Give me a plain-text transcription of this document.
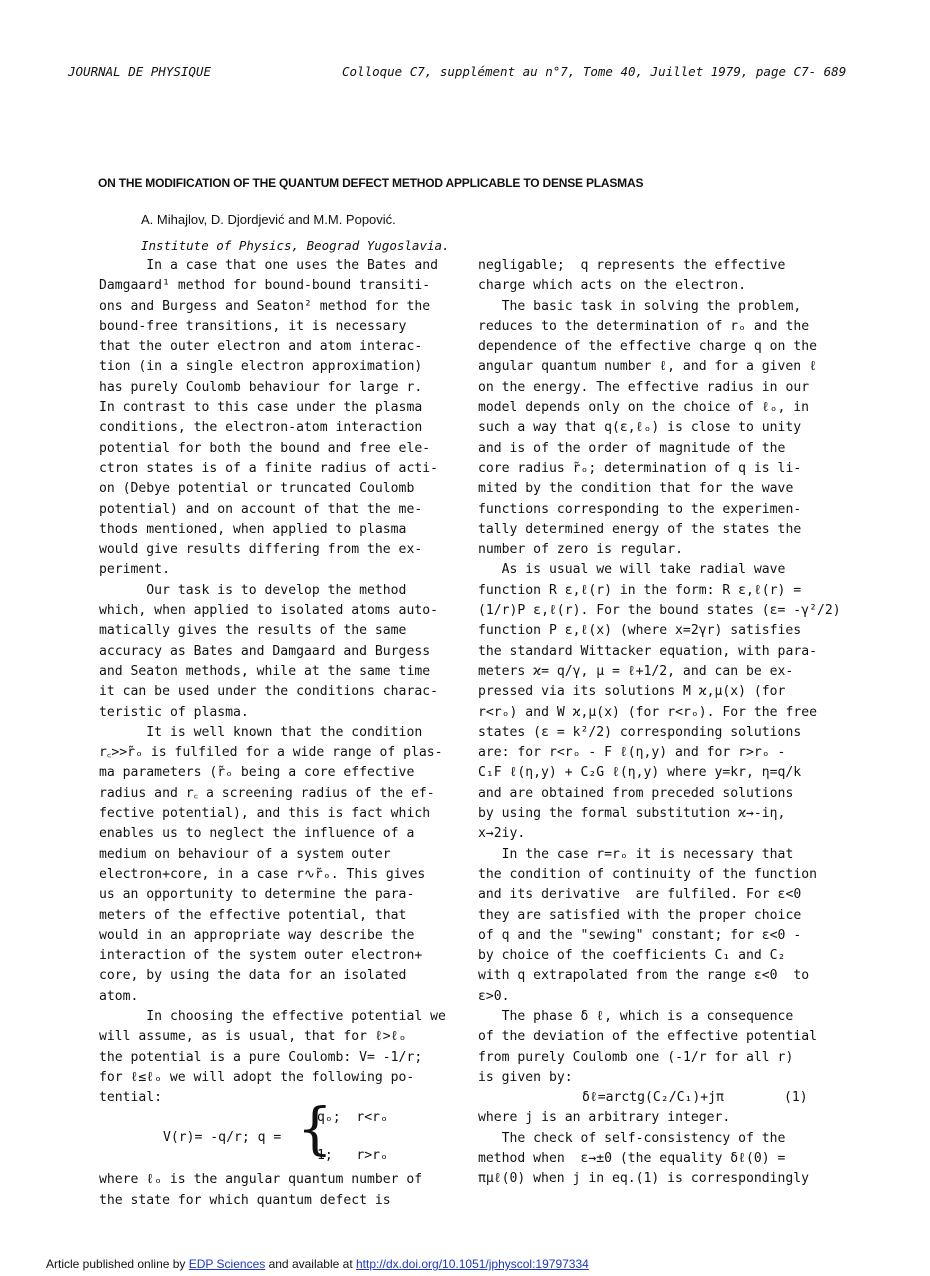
JOURNAL DE PHYSIQUE	Colloque C7, supplément au n°7, Tome 40, Juillet 1979, page C7- 689
ON THE MODIFICATION OF THE QUANTUM DEFECT METHOD APPLICABLE TO DENSE PLASMAS
A. Mihajlov, D. Djordjević and M.M. Popović.
Institute of Physics, Beograd Yugoslavia.

In a case that one uses the Bates and

Damgaard¹ method for bound-bound transiti-

ons and Burgess and Seaton² method for the

bound-free transitions, it is necessary

that the outer electron and atom interac-

tion (in a single electron approximation)

has purely Coulomb behaviour for large r.

In contrast to this case under the plasma

conditions, the electron-atom interaction

potential for both the bound and free ele-

ctron states is of a finite radius of acti-

on (Debye potential or truncated Coulomb

potential) and on account of that the me-

thods mentioned, when applied to plasma

would give results differing from the ex-

periment.

Our task is to develop the method

which, when applied to isolated atoms auto-

matically gives the results of the same

accuracy as Bates and Damgaard and Burgess

and Seaton methods, while at the same time

it can be used under the conditions charac-

teristic of plasma.

It is well known that the condition

r꜀>>r̃ₒ is fulfiled for a wide range of plas-

ma parameters (r̃ₒ being a core effective

radius and r꜀ a screening radius of the ef-

fective potential), and this is fact which

enables us to neglect the influence of a

medium on behaviour of a system outer

electron+core, in a case r∿r̃ₒ. This gives

us an opportunity to determine the para-

meters of the effective potential, that

would in an appropriate way describe the

interaction of the system outer electron+

core, by using the data for an isolated

atom.

In choosing the effective potential we

will assume, as is usual, that for ℓ>ℓₒ

the potential is a pure Coulomb: V= -1/r;

for ℓ≤ℓₒ we will adopt the following po-

tential:

V(r)= -q/r; q = {
qₒ;  r<rₒ
1;   r>rₒ

where ℓₒ is the angular quantum number of

the state for which quantum defect is

negligable;  q represents the effective

charge which acts on the electron.

The basic task in solving the problem,

reduces to the determination of rₒ and the

dependence of the effective charge q on the

angular quantum number ℓ, and for a given ℓ

on the energy. The effective radius in our

model depends only on the choice of ℓₒ, in

such a way that q(ε,ℓₒ) is close to unity

and is of the order of magnitude of the

core radius r̃ₒ; determination of q is li-

mited by the condition that for the wave

functions corresponding to the experimen-

tally determined energy of the states the

number of zero is regular.

As is usual we will take radial wave

function R ε,ℓ(r) in the form: R ε,ℓ(r) =

(1/r)P ε,ℓ(r). For the bound states (ε= -γ²/2)

function P ε,ℓ(x) (where x=2γr) satisfies

the standard Wittacker equation, with para-

meters ϰ= q/γ, μ = ℓ+1/2, and can be ex-

pressed via its solutions M ϰ,μ(x) (for

r<rₒ) and W ϰ,μ(x) (for r<rₒ). For the free

states (ε = k²/2) corresponding solutions

are: for r<rₒ - F ℓ(η,y) and for r>rₒ -

C₁F ℓ(η,y) + C₂G ℓ(η,y) where y=kr, η=q/k

and are obtained from preceded solutions

by using the formal substitution ϰ→-iη,

x→2iy.

In the case r=rₒ it is necessary that

the condition of continuity of the function

and its derivative  are fulfiled. For ε<0

they are satisfied with the proper choice

of q and the "sewing" constant; for ε<0 -

by choice of the coefficients C₁ and C₂

with q extrapolated from the range ε<0  to

ε>0.

The phase δ ℓ, which is a consequence

of the deviation of the effective potential

from purely Coulomb one (-1/r for all r)

is given by:

δℓ=arctg(C₂/C₁)+jπ	(1)

where j is an arbitrary integer.

The check of self-consistency of the

method when  ε→±0 (the equality δℓ(0) =

πμℓ(0) when j in eq.(1) is correspondingly

Article published online by EDP Sciences and available at http://dx.doi.org/10.1051/jphyscol:19797334
